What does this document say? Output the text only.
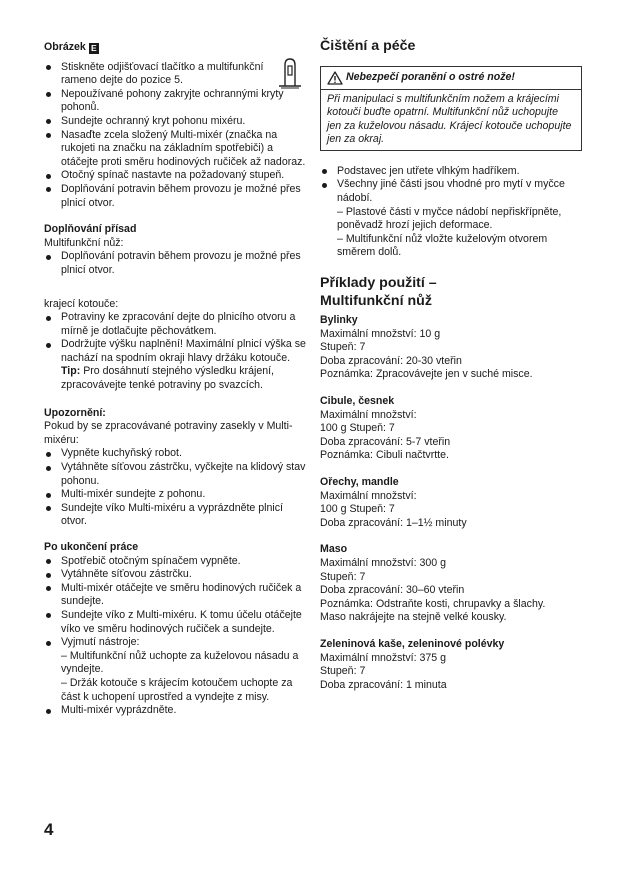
Obrázek E

Stiskněte odjišťovací tlačítko a multifunkční rameno dejte do pozice 5.
Nepoužívané pohony zakryjte ochrannými kryty pohonů.
Sundejte ochranný kryt pohonu mixéru.
Nasaďte zcela složený Multi-mixér (značka na rukojeti na značku na základním spotřebiči) a otáčejte proti směru hodinových ručiček až nadoraz.
Otočný spínač nastavte na požadovaný stupeň.
Doplňování potravin během provozu je možné přes plnicí otvor.

Doplňování přísad

Multifunkční nůž:

Doplňování potravin během provozu je možné přes plnicí otvor.

krajecí kotouče:

Potraviny ke zpracování dejte do plnicího otvoru a mírně je dotlačujte pěchovátkem.
Dodržujte výšku naplnění! Maximální plnicí výška se nachází na spodním okraji hlavy držáku kotouče.
Tip: Pro dosáhnutí stejného výsledku krájení, zpracovávejte tenké potraviny po svazcích.

Upozornění:

Pokud by se zpracovávané potraviny zasekly v Multi-mixéru:

Vypněte kuchyňský robot.
Vytáhněte síťovou zástrčku, vyčkejte na klidový stav pohonu.
Multi-mixér sundejte z pohonu.
Sundejte víko Multi-mixéru a vyprázdněte plnicí otvor.

Po ukončení práce

Spotřebič otočným spínačem vypněte.
Vytáhněte síťovou zástrčku.
Multi-mixér otáčejte ve směru hodinových ručiček a sundejte.
Sundejte víko z Multi-mixéru. K tomu účelu otáčejte víko ve směru hodinových ručiček a sundejte.
Vyjmutí nástroje:
– Multifunkční nůž uchopte za kuželovou násadu a vyndejte.
– Držák kotouče s krájecím kotoučem uchopte za část k uchopení uprostřed a vyndejte z misy.
Multi-mixér vyprázdněte.
4

Čištění a péče

Nebezpečí poranění o ostré nože!
Při manipulaci s multifunkčním nožem a krájecími kotouči buďte opatrní. Multifunkční nůž uchopujte jen za kuželovou násadu. Krájecí kotouče uchopujte jen za okraj.
Podstavec jen utřete vlhkým hadříkem.
Všechny jiné části jsou vhodné pro mytí v myčce nádobí.
– Plastové části v myčce nádobí nepřiskřípněte, poněvadž hrozí jejich deformace.
– Multifunkční nůž vložte kuželovým otvorem směrem dolů.

Příklady použití –

Multifunkční nůž

Bylinky

Maximální množství: 10 g

Stupeň: 7

Doba zpracování: 20-30 vteřin

Poznámka: Zpracovávejte jen v suché misce.

Cibule, česnek

Maximální množství:

100 g Stupeň: 7

Doba zpracování: 5-7 vteřin

Poznámka: Cibuli načtvrtte.

Ořechy, mandle

Maximální množství:

100 g Stupeň: 7

Doba zpracování: 1–1½ minuty

Maso

Maximální množství: 300 g

Stupeň: 7

Doba zpracování: 30–60 vteřin

Poznámka: Odstraňte kosti, chrupavky a šlachy.

Maso nakrájejte na stejně velké kousky.

Zeleninová kaše, zeleninové polévky

Maximální množství: 375 g

Stupeň: 7

Doba zpracování: 1 minuta
